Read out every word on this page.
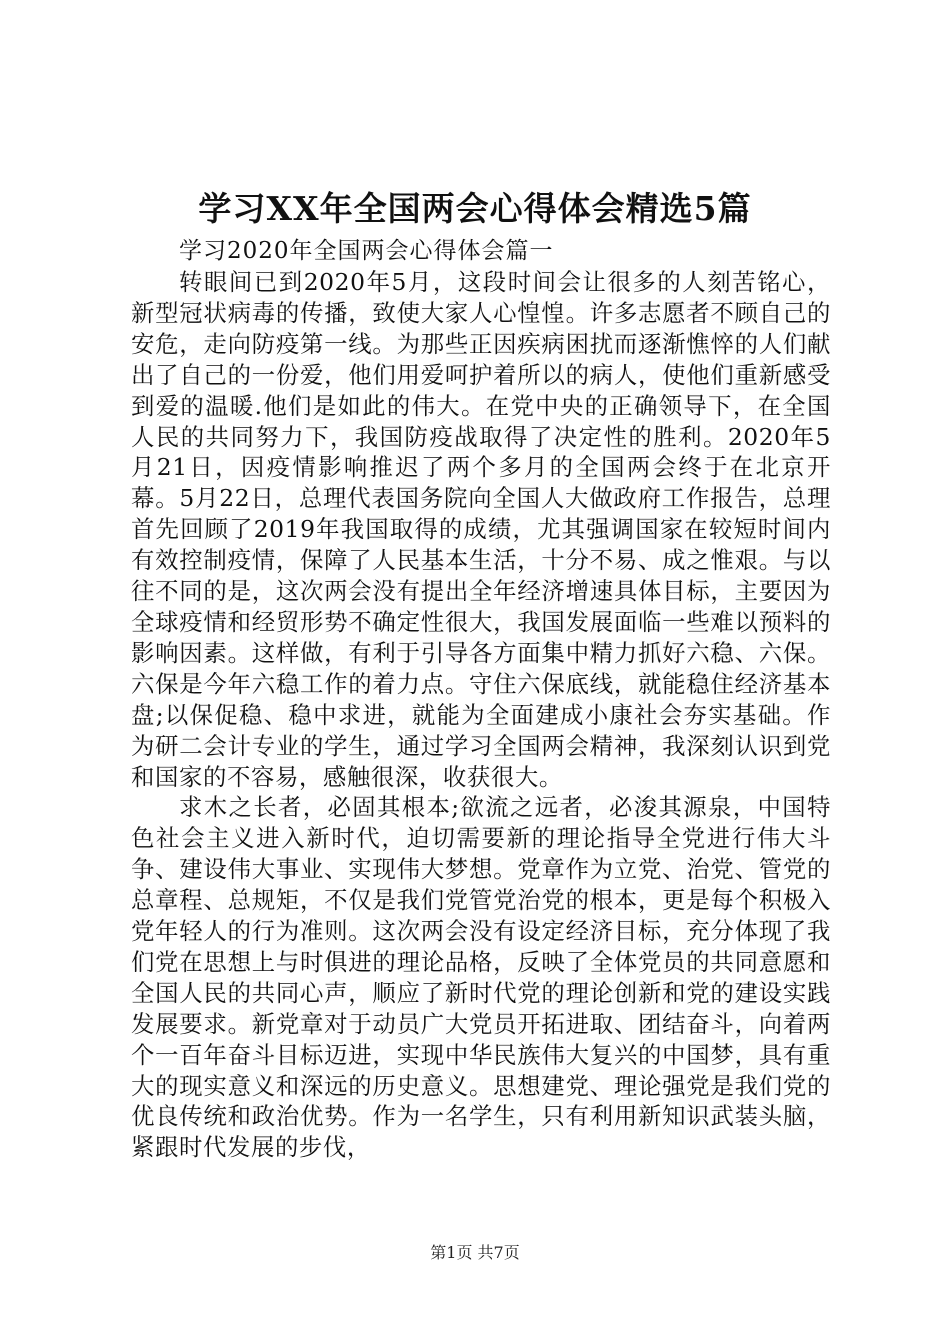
学习XX年全国两会心得体会精选5篇

学习2020年全国两会心得体会篇一

转眼间已到2020年5月，这段时间会让很多的人刻苦铭心，新型冠状病毒的传播，致使大家人心惶惶。许多志愿者不顾自己的安危，走向防疫第一线。为那些正因疾病困扰而逐渐憔悴的人们献出了自己的一份爱，他们用爱呵护着所以的病人，使他们重新感受到爱的温暖.他们是如此的伟大。在党中央的正确领导下，在全国人民的共同努力下，我国防疫战取得了决定性的胜利。2020年5月21日，因疫情影响推迟了两个多月的全国两会终于在北京开幕。5月22日，总理代表国务院向全国人大做政府工作报告，总理首先回顾了2019年我国取得的成绩，尤其强调国家在较短时间内有效控制疫情，保障了人民基本生活，十分不易、成之惟艰。与以往不同的是，这次两会没有提出全年经济增速具体目标，主要因为全球疫情和经贸形势不确定性很大，我国发展面临一些难以预料的影响因素。这样做，有利于引导各方面集中精力抓好六稳、六保。六保是今年六稳工作的着力点。守住六保底线，就能稳住经济基本盘;以保促稳、稳中求进，就能为全面建成小康社会夯实基础。作为研二会计专业的学生，通过学习全国两会精神，我深刻认识到党和国家的不容易，感触很深，收获很大。

求木之长者，必固其根本;欲流之远者，必浚其源泉，中国特色社会主义进入新时代，迫切需要新的理论指导全党进行伟大斗争、建设伟大事业、实现伟大梦想。党章作为立党、治党、管党的总章程、总规矩，不仅是我们党管党治党的根本，更是每个积极入党年轻人的行为准则。这次两会没有设定经济目标，充分体现了我们党在思想上与时俱进的理论品格，反映了全体党员的共同意愿和全国人民的共同心声，顺应了新时代党的理论创新和党的建设实践发展要求。新党章对于动员广大党员开拓进取、团结奋斗，向着两个一百年奋斗目标迈进，实现中华民族伟大复兴的中国梦，具有重大的现实意义和深远的历史意义。思想建党、理论强党是我们党的优良传统和政治优势。作为一名学生，只有利用新知识武装头脑，紧跟时代发展的步伐，

第1页 共7页
